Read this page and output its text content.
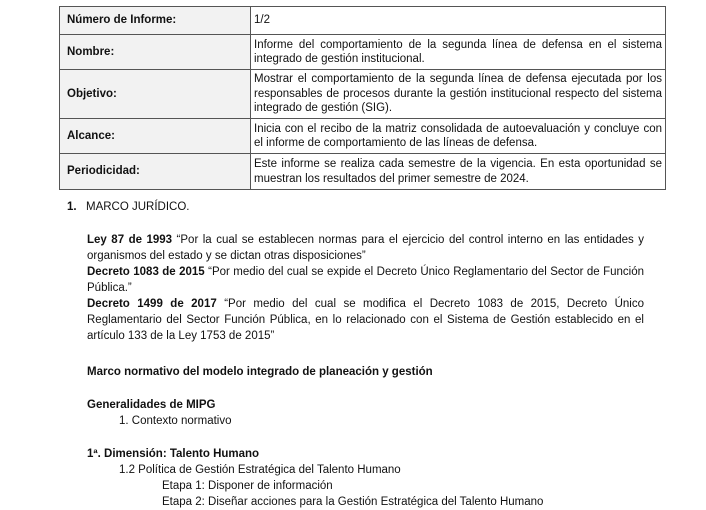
Número de Informe:	1/2
Nombre:	Informe del comportamiento de la segunda línea de defensa en el sistema integrado de gestión institucional.
Objetivo:	Mostrar el comportamiento de la segunda línea de defensa ejecutada por los responsables de procesos durante la gestión institucional respecto del sistema integrado de gestión (SIG).
Alcance:	Inicia con el recibo de la matriz consolidada de autoevaluación y concluye con el informe de comportamiento de las líneas de defensa.
Periodicidad:	Este informe se realiza cada semestre de la vigencia. En esta oportunidad se muestran los resultados del primer semestre de 2024.

1. MARCO JURÍDICO.

Ley 87 de 1993 “Por la cual se establecen normas para el ejercicio del control interno en las entidades y organismos del estado y se dictan otras disposiciones”

Decreto 1083 de 2015 “Por medio del cual se expide el Decreto Único Reglamentario del Sector de Función Pública.”

Decreto 1499 de 2017 “Por medio del cual se modifica el Decreto 1083 de 2015, Decreto Único Reglamentario del Sector Función Pública, en lo relacionado con el Sistema de Gestión establecido en el artículo 133 de la Ley 1753 de 2015”

Marco normativo del modelo integrado de planeación y gestión

Generalidades de MIPG

1. Contexto normativo

1ª. Dimensión: Talento Humano

1.2 Política de Gestión Estratégica del Talento Humano

Etapa 1: Disponer de información

Etapa 2: Diseñar acciones para la Gestión Estratégica del Talento Humano
